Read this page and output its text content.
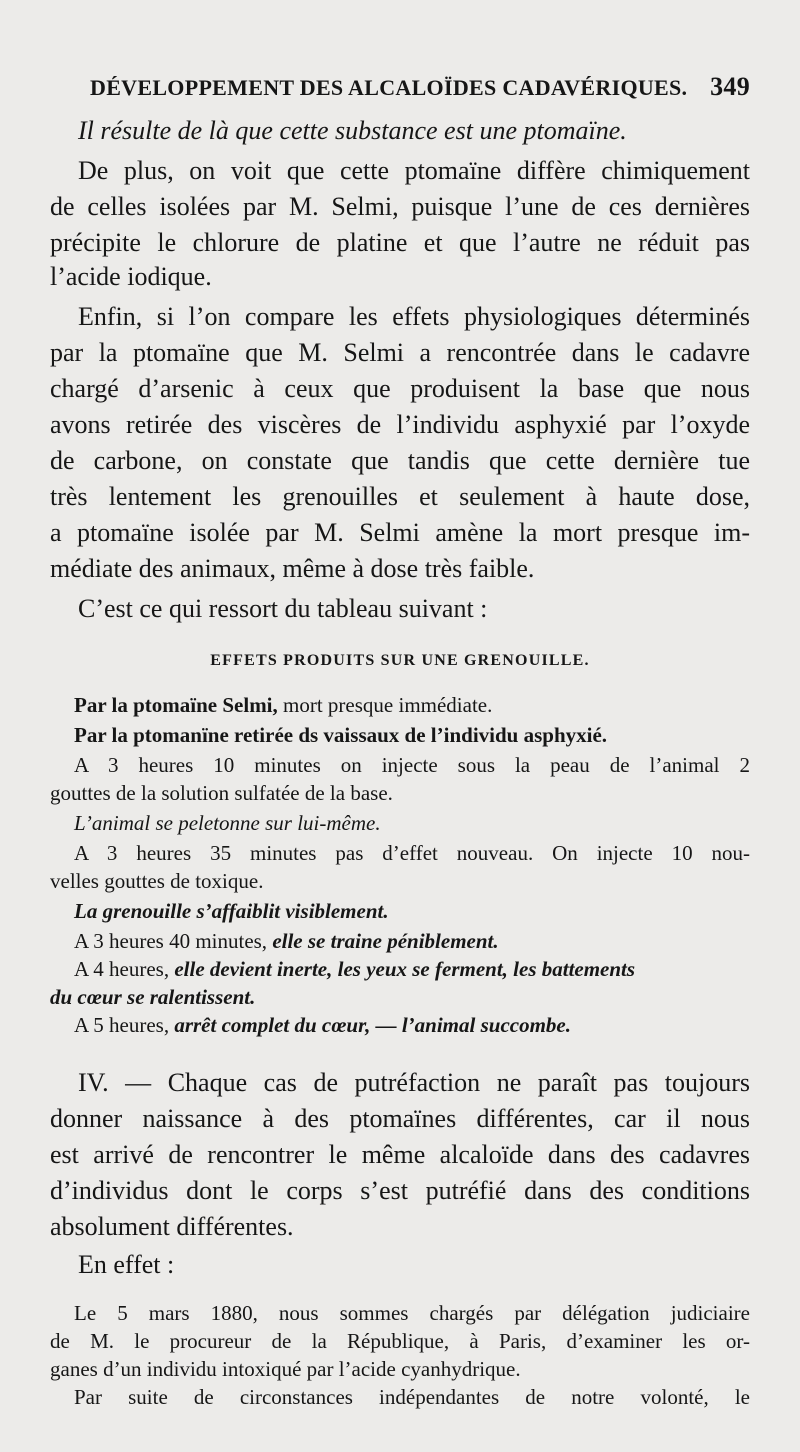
DÉVELOPPEMENT DES ALCALOÏDES CADAVÉRIQUES. 349
Il résulte de là que cette substance est une ptomaïne.
De plus, on voit que cette ptomaïne diffère chimiquement
de celles isolées par M. Selmi, puisque l’une de ces dernières
précipite le chlorure de platine et que l’autre ne réduit pas
l’acide iodique.
Enfin, si l’on compare les effets physiologiques déterminés
par la ptomaïne que M. Selmi a rencontrée dans le cadavre
chargé d’arsenic à ceux que produisent la base que nous
avons retirée des viscères de l’individu asphyxié par l’oxyde
de carbone, on constate que tandis que cette dernière tue
très lentement les grenouilles et seulement à haute dose,
a ptomaïne isolée par M. Selmi amène la mort presque im-
médiate des animaux, même à dose très faible.
C’est ce qui ressort du tableau suivant :
EFFETS PRODUITS SUR UNE GRENOUILLE.
Par la ptomaïne Selmi, mort presque immédiate.
Par la ptomanïne retirée ds vaissaux de l’individu asphyxié.
A 3 heures 10 minutes on injecte sous la peau de l’animal 2
gouttes de la solution sulfatée de la base.
L’animal se peletonne sur lui-même.
A 3 heures 35 minutes pas d’effet nouveau. On injecte 10 nou-
velles gouttes de toxique.
La grenouille s’affaiblit visiblement.
A 3 heures 40 minutes, elle se traine péniblement.
A 4 heures, elle devient inerte, les yeux se ferment, les battements
du cœur se ralentissent.
A 5 heures, arrêt complet du cœur, — l’animal succombe.
IV. — Chaque cas de putréfaction ne paraît pas toujours
donner naissance à des ptomaïnes différentes, car il nous
est arrivé de rencontrer le même alcaloïde dans des cadavres
d’individus dont le corps s’est putréfié dans des conditions
absolument différentes.
En effet :
Le 5 mars 1880, nous sommes chargés par délégation judiciaire
de M. le procureur de la République, à Paris, d’examiner les or-
ganes d’un individu intoxiqué par l’acide cyanhydrique.
Par suite de circonstances indépendantes de notre volonté, le
